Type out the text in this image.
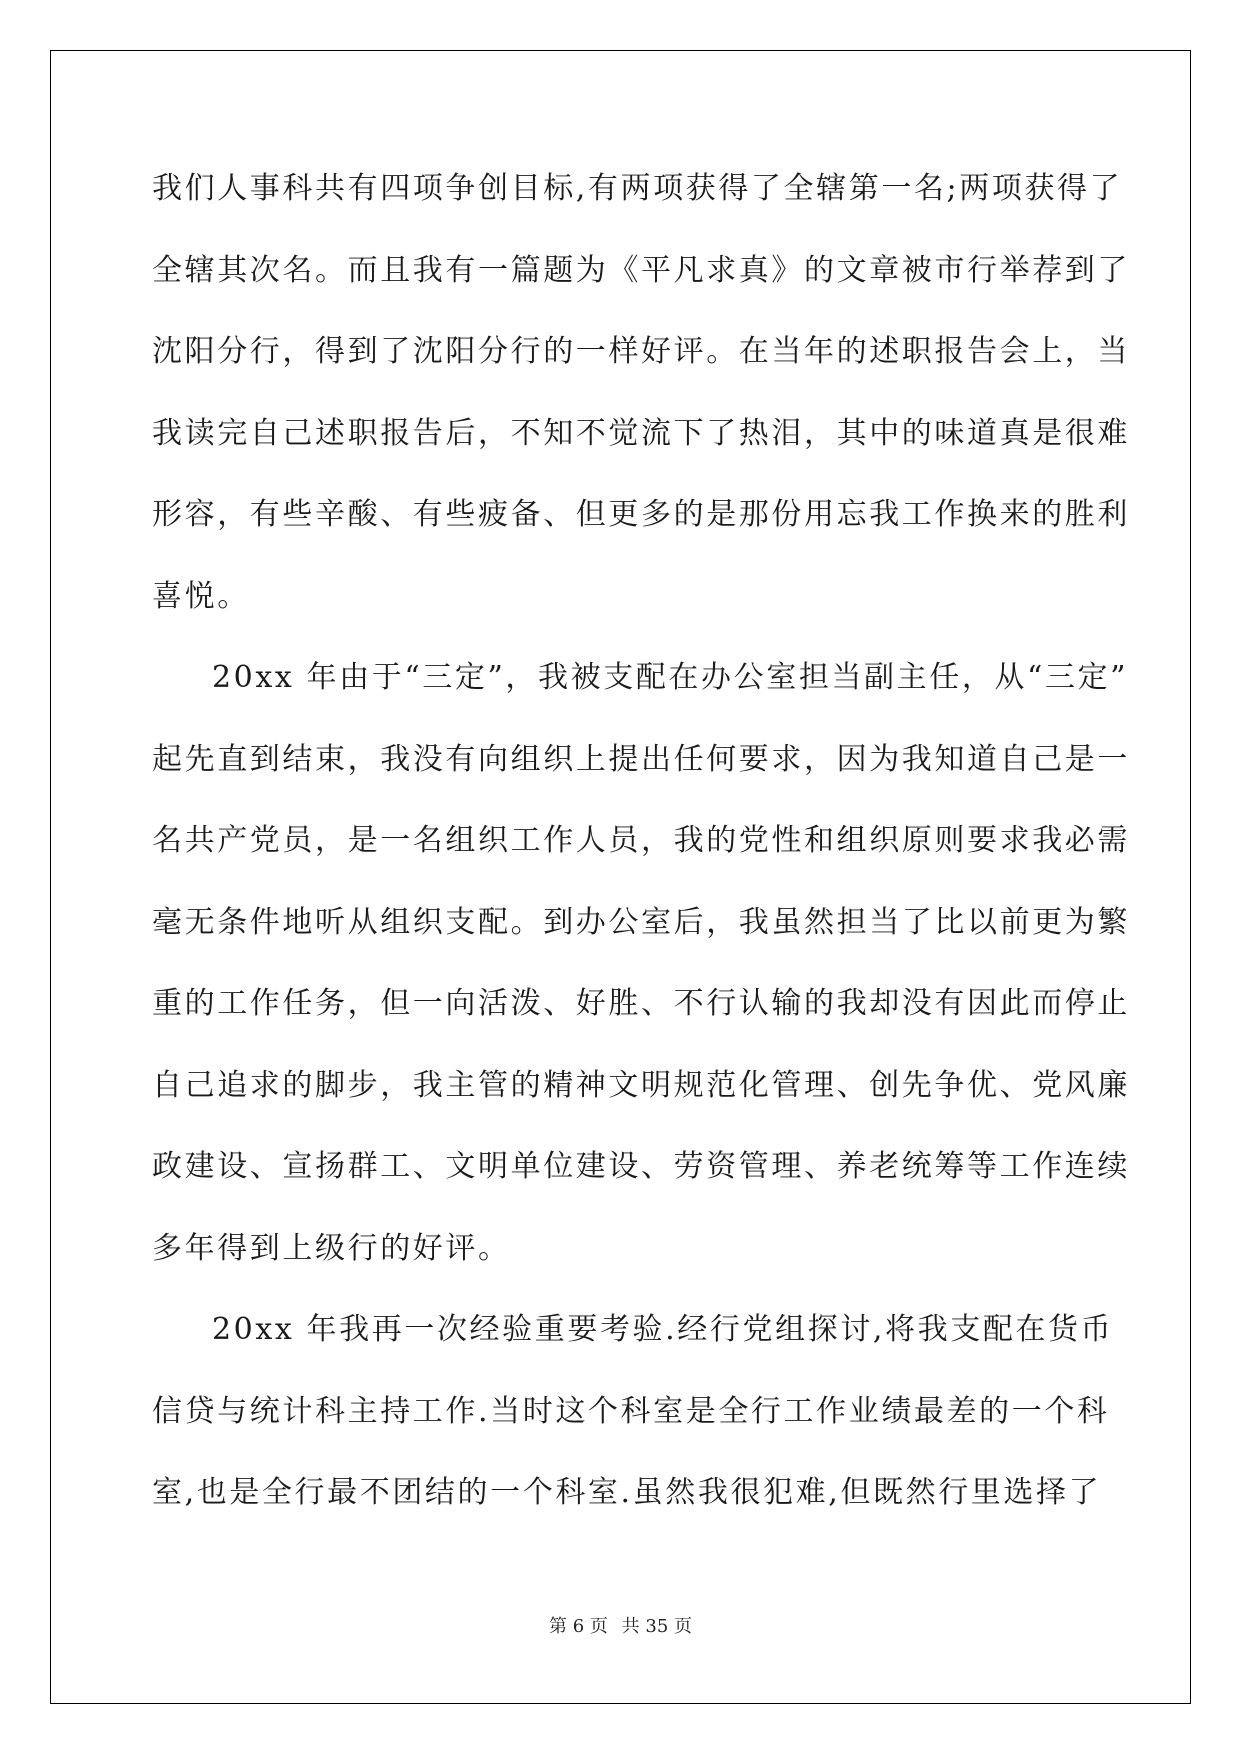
我们人事科共有四项争创目标,有两项获得了全辖第一名;两项获得了
全辖其次名。而且我有一篇题为《平凡求真》的文章被市行举荐到了
沈阳分行，得到了沈阳分行的一样好评。在当年的述职报告会上，当
我读完自己述职报告后，不知不觉流下了热泪，其中的味道真是很难
形容，有些辛酸、有些疲备、但更多的是那份用忘我工作换来的胜利
喜悦。
20xx 年由于“三定”，我被支配在办公室担当副主任，从“三定”
起先直到结束，我没有向组织上提出任何要求，因为我知道自己是一
名共产党员，是一名组织工作人员，我的党性和组织原则要求我必需
毫无条件地听从组织支配。到办公室后，我虽然担当了比以前更为繁
重的工作任务，但一向活泼、好胜、不行认输的我却没有因此而停止
自己追求的脚步，我主管的精神文明规范化管理、创先争优、党风廉
政建设、宣扬群工、文明单位建设、劳资管理、养老统筹等工作连续
多年得到上级行的好评。
20xx 年我再一次经验重要考验.经行党组探讨,将我支配在货币
信贷与统计科主持工作.当时这个科室是全行工作业绩最差的一个科
室,也是全行最不团结的一个科室.虽然我很犯难,但既然行里选择了
第 6 页 共 35 页
